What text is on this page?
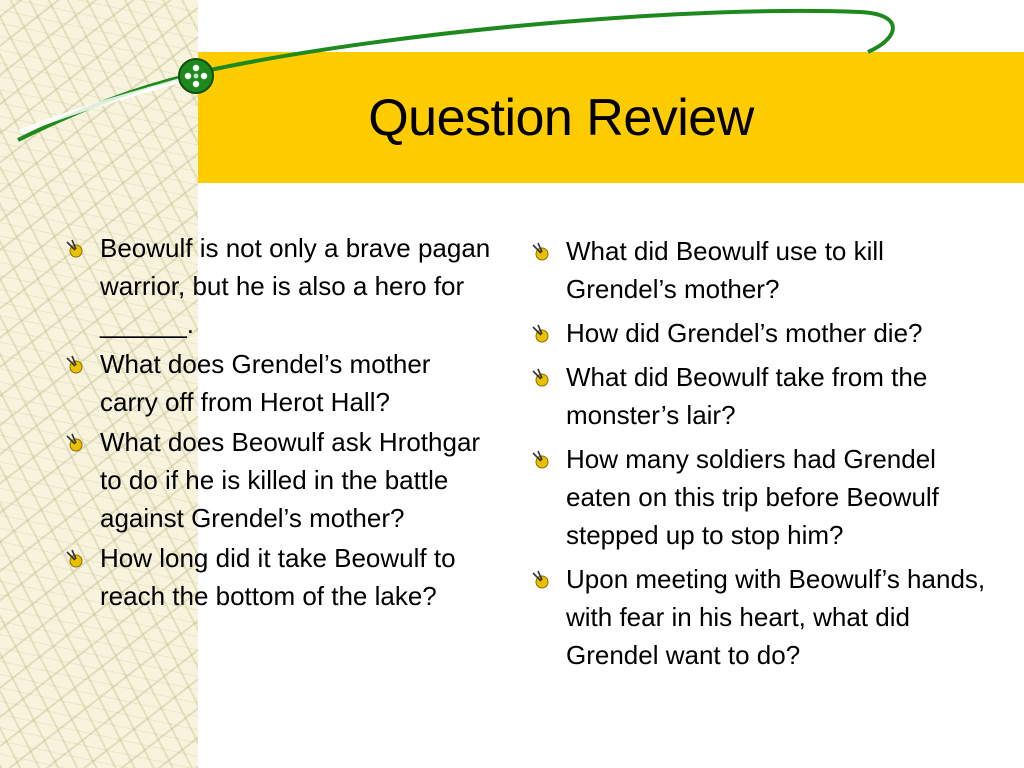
Question Review
Beowulf is not only a brave pagan warrior, but he is also a hero for ______.
What does Grendel’s mother carry off from Herot Hall?
What does Beowulf ask Hrothgar to do if he is killed in the battle against Grendel’s mother?
How long did it take Beowulf to reach the bottom of the lake?
What did Beowulf use to kill Grendel’s mother?
How did Grendel’s mother die?
What did Beowulf take from the monster’s lair?
How many soldiers had Grendel eaten on this trip before Beowulf stepped up to stop him?
Upon meeting with Beowulf’s hands, with fear in his heart, what did Grendel want to do?
